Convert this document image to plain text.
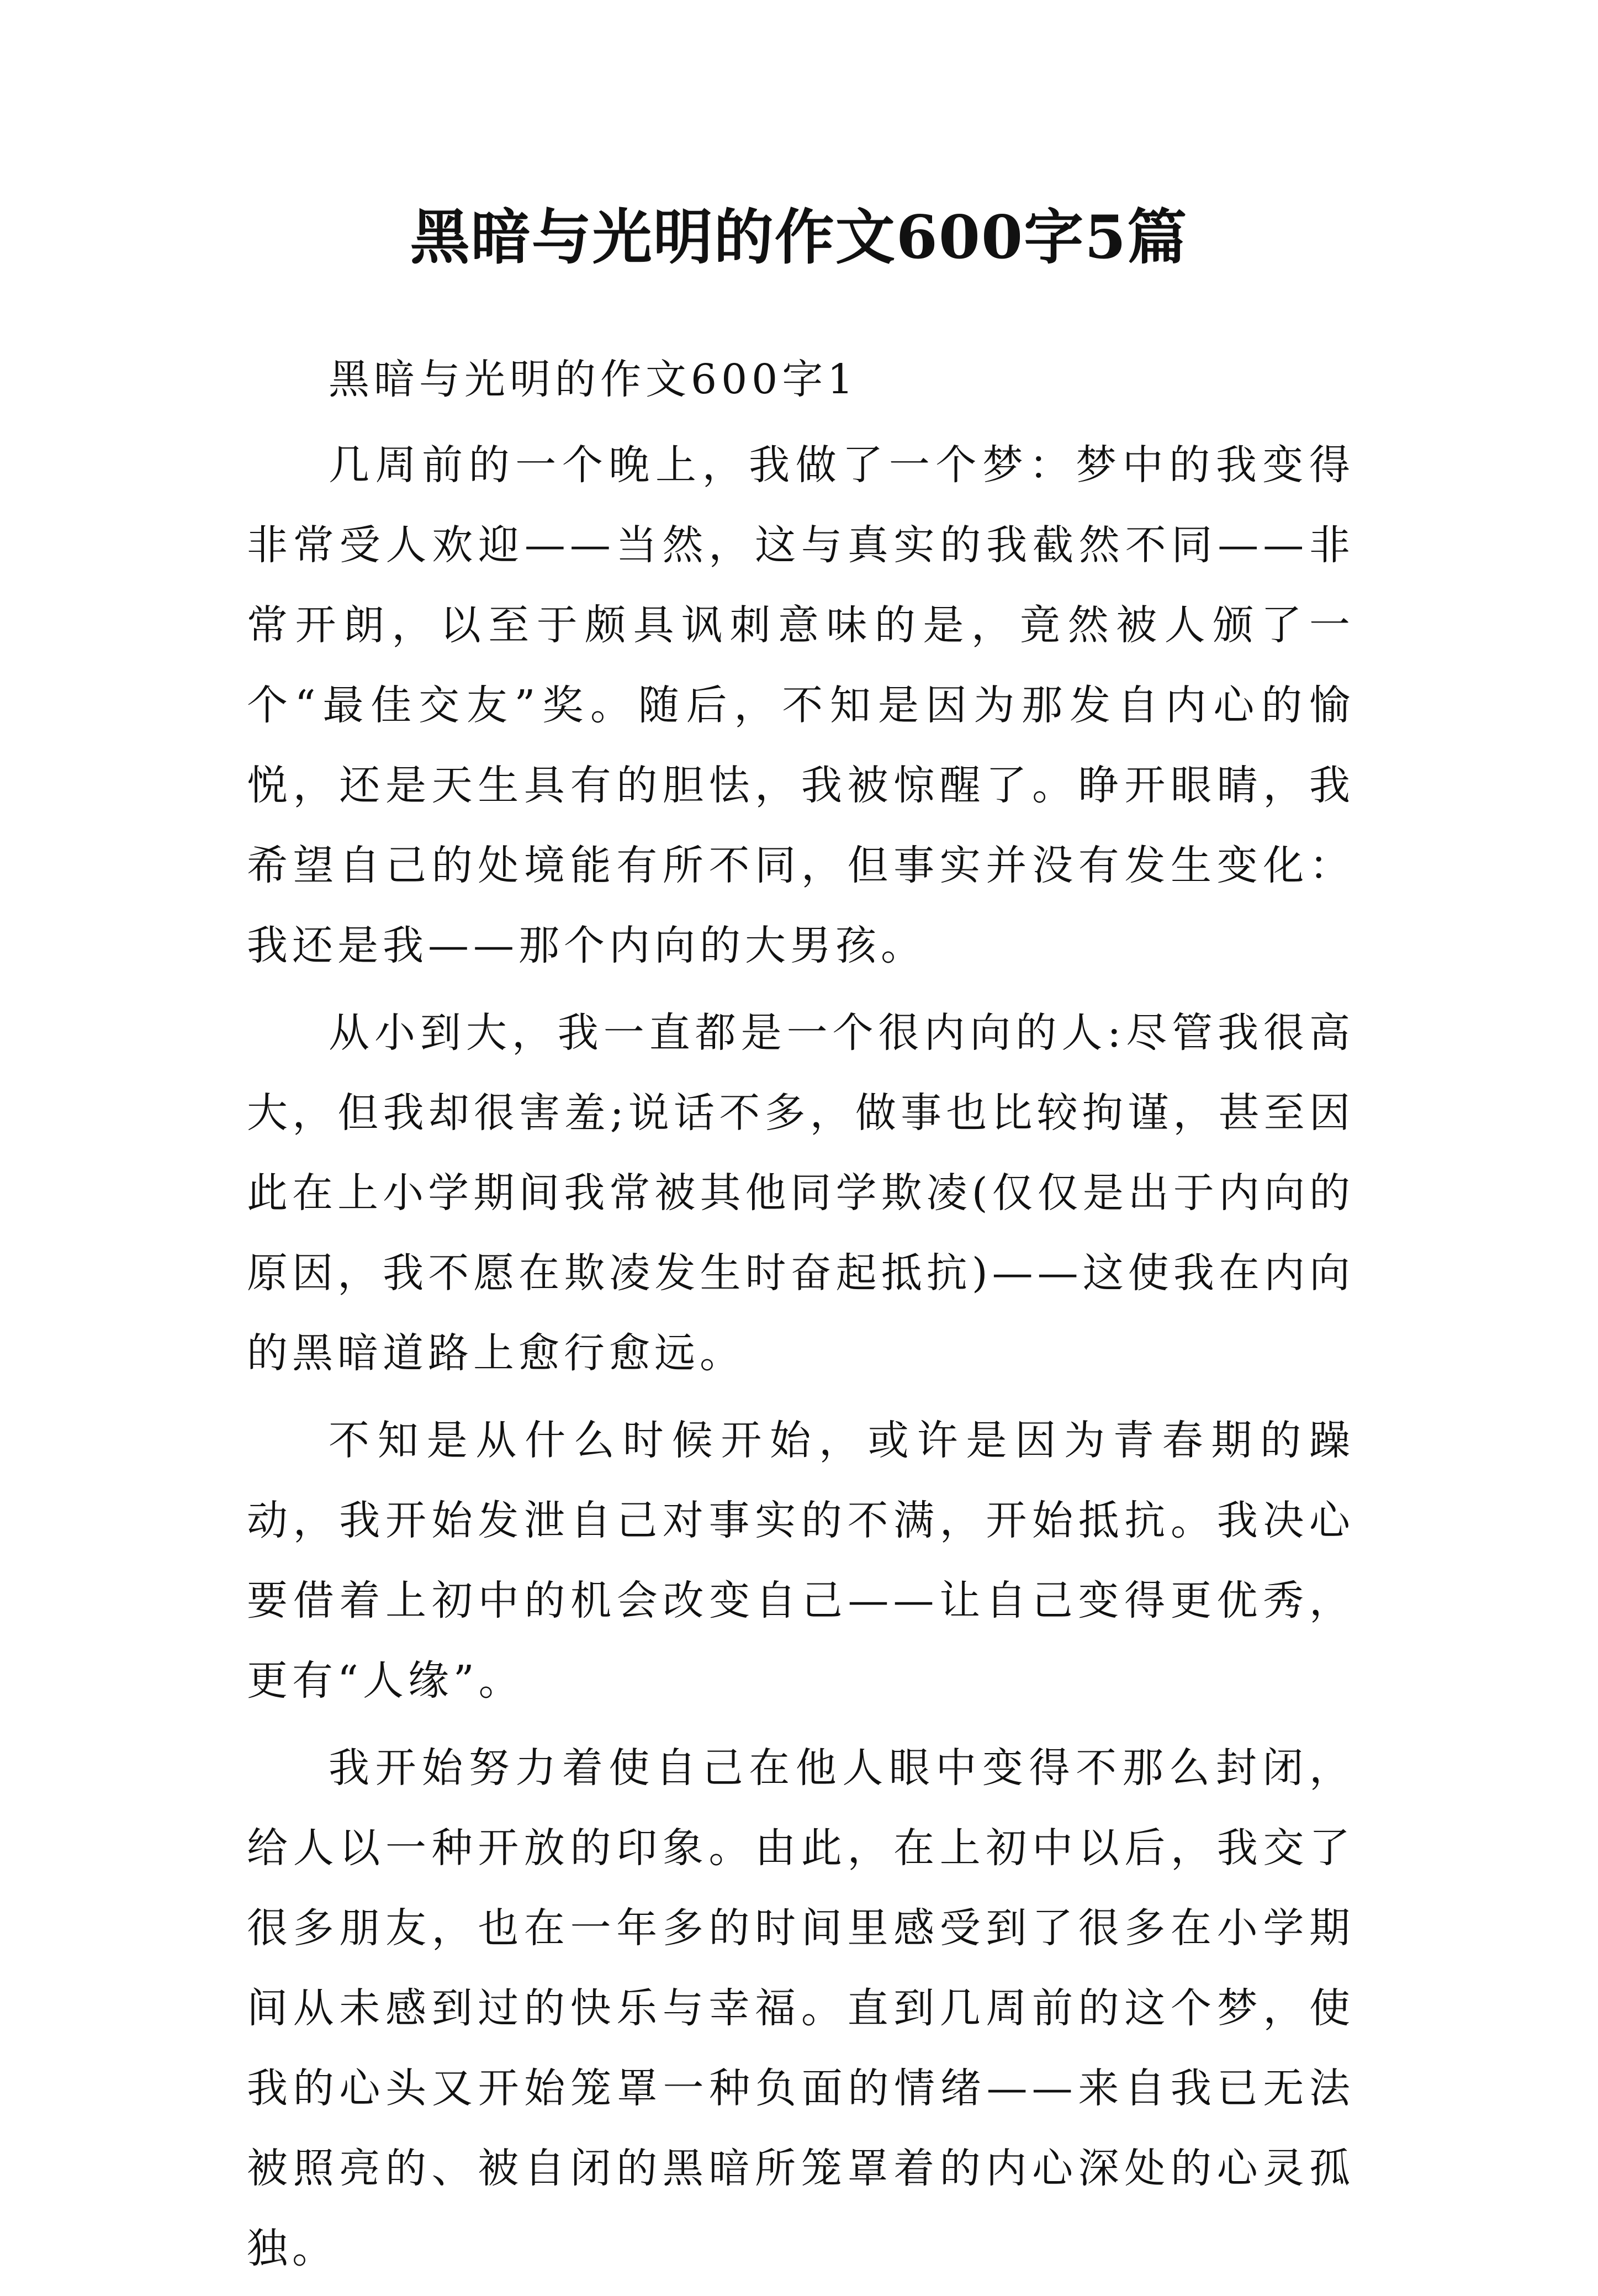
黑暗与光明的作文600字5篇

黑暗与光明的作文600字1

几周前的一个晚上，我做了一个梦：梦中的我变得非常受人欢迎——当然，这与真实的我截然不同——非常开朗，以至于颇具讽刺意味的是，竟然被人颁了一个“最佳交友”奖。随后，不知是因为那发自内心的愉悦，还是天生具有的胆怯，我被惊醒了。睁开眼睛，我希望自己的处境能有所不同，但事实并没有发生变化：我还是我——那个内向的大男孩。

从小到大，我一直都是一个很内向的人:尽管我很高大，但我却很害羞;说话不多，做事也比较拘谨，甚至因此在上小学期间我常被其他同学欺凌(仅仅是出于内向的原因，我不愿在欺凌发生时奋起抵抗)——这使我在内向的黑暗道路上愈行愈远。

不知是从什么时候开始，或许是因为青春期的躁动，我开始发泄自己对事实的不满，开始抵抗。我决心要借着上初中的机会改变自己——让自己变得更优秀，更有“人缘”。

我开始努力着使自己在他人眼中变得不那么封闭，给人以一种开放的印象。由此，在上初中以后，我交了很多朋友，也在一年多的时间里感受到了很多在小学期间从未感到过的快乐与幸福。直到几周前的这个梦，使我的心头又开始笼罩一种负面的情绪——来自我已无法被照亮的、被自闭的黑暗所笼罩着的内心深处的心灵孤独。
